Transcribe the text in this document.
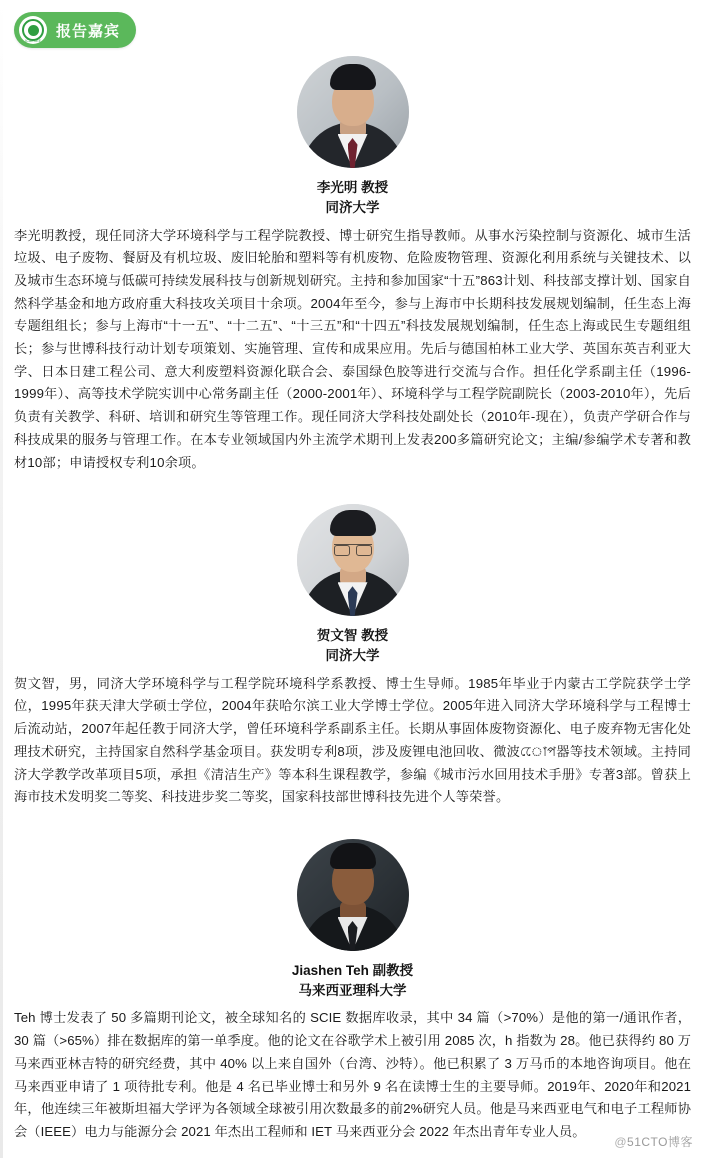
ICAESEE
报告嘉宾
李光明 教授
同济大学
李光明教授，现任同济大学环境科学与工程学院教授、博士研究生指导教师。从事水污染控制与资源化、城市生活垃圾、电子废物、餐厨及有机垃圾、废旧轮胎和塑料等有机废物、危险废物管理、资源化利用系统与关键技术、以及城市生态环境与低碳可持续发展科技与创新规划研究。主持和参加国家“十五”863计划、科技部支撑计划、国家自然科学基金和地方政府重大科技攻关项目十余项。2004年至今，参与上海市中长期科技发展规划编制，任生态上海专题组组长；参与上海市“十一五”、“十二五”、“十三五”和“十四五”科技发展规划编制，任生态上海或民生专题组组长；参与世博科技行动计划专项策划、实施管理、宣传和成果应用。先后与德国柏林工业大学、英国东英吉利亚大学、日本日建工程公司、意大利废塑料资源化联合会、泰国绿色胶等进行交流与合作。担任化学系副主任（1996-1999年）、高等技术学院实训中心常务副主任（2000-2001年）、环境科学与工程学院副院长（2003-2010年），先后负责有关教学、科研、培训和研究生等管理工作。现任同济大学科技处副处长（2010年-现在），负责产学研合作与科技成果的服务与管理工作。在本专业领域国内外主流学术期刊上发表200多篇研究论文；主编/参编学术专著和教材10部；申请授权专利10余项。
贺文智 教授
同济大学
贺文智，男，同济大学环境科学与工程学院环境科学系教授、博士生导师。1985年毕业于内蒙古工学院获学士学位，1995年获天津大学硕士学位，2004年获哈尔滨工业大学博士学位。2005年进入同济大学环境科学与工程博士后流动站，2007年起任教于同济大学，曾任环境科学系副系主任。长期从事固体废物资源化、电子废弃物无害化处理技术研究，主持国家自然科学基金项目。获发明专利8项，涉及废锂电池回收、微波েোপ器等技术领域。主持同济大学教学改革项目5项，承担《清洁生产》等本科生课程教学，参编《城市污水回用技术手册》专著3部。曾获上海市技术发明奖二等奖、科技进步奖二等奖，国家科技部世博科技先进个人等荣誉。
Jiashen Teh 副教授
马来西亚理科大学
Teh 博士发表了 50 多篇期刊论文，被全球知名的 SCIE 数据库收录，其中 34 篇（>70%）是他的第一/通讯作者，30 篇（>65%）排在数据库的第一单季度。他的论文在谷歌学术上被引用 2085 次，h 指数为 28。他已获得约 80 万马来西亚林吉特的研究经费，其中 40% 以上来自国外（台湾、沙特）。他已积累了 3 万马币的本地咨询项目。他在马来西亚申请了 1 项待批专利。他是 4 名已毕业博士和另外 9 名在读博士生的主要导师。2019年、2020年和2021年，他连续三年被斯坦福大学评为各领域全球被引用次数最多的前2%研究人员。他是马来西亚电气和电子工程师协会（IEEE）电力与能源分会 2021 年杰出工程师和 IET 马来西亚分会 2022 年杰出青年专业人员。
@51CTO博客
